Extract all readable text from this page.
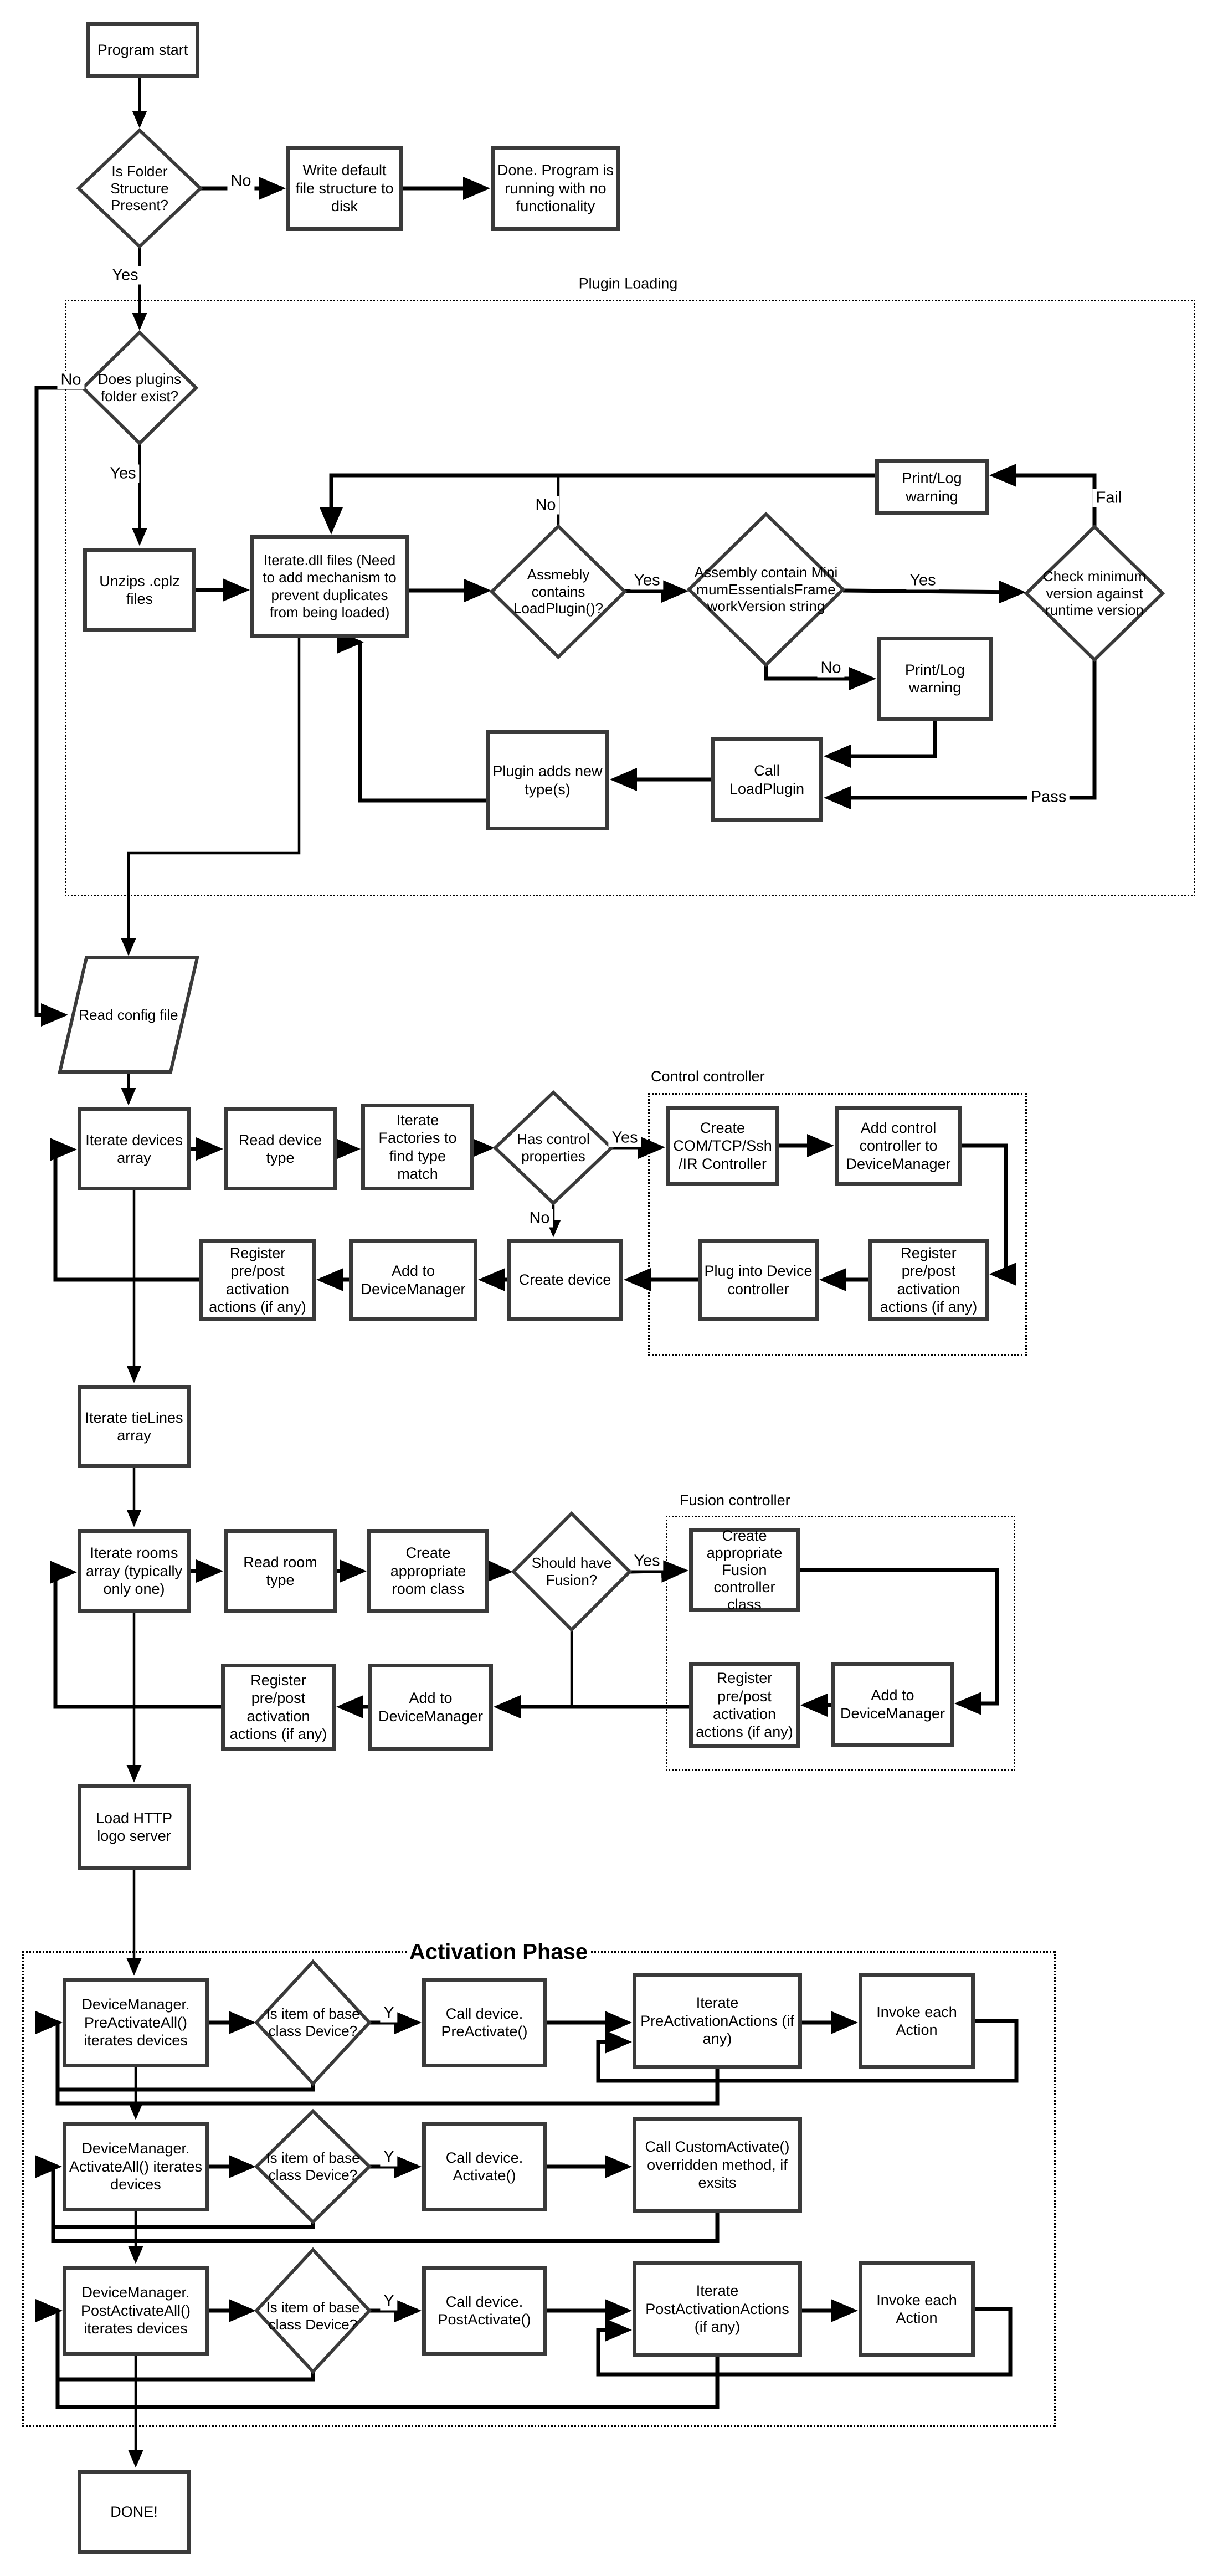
Plugin Loading
Control controller
Fusion controller
Activation Phase
Program start
Write default file structure to disk
Done. Program is running with no functionality
Unzips .cplz files
Iterate.dll files (Need to add mechanism to prevent duplicates from being loaded)
Print/Log warning
Print/Log warning
Call LoadPlugin
Plugin adds new type(s)
Iterate devices array
Read device type
Iterate Factories to find type match
Create COM/TCP/Ssh /IR Controller
Add control controller to DeviceManager
Register pre/post activation actions (if any)
Plug into Device controller
Create device
Add to DeviceManager
Register pre/post activation actions (if any)
Iterate tieLines array
Iterate rooms array (typically only one)
Read room type
Create appropriate room class
Create appropriate Fusion controller class
Add to DeviceManager
Register pre/post activation actions (if any)
Add to DeviceManager
Register pre/post activation actions (if any)
Load HTTP logo server
DeviceManager. PreActivateAll() iterates devices
Call device. PreActivate()
Iterate PreActivationActions (if any)
Invoke each Action
DeviceManager. ActivateAll() iterates devices
Call device. Activate()
Call CustomActivate() overridden method, if exsits
DeviceManager. PostActivateAll() iterates devices
Call device. PostActivate()
Iterate PostActivationActions (if any)
Invoke each Action
DONE!
Is Folder Structure Present?
Does plugins folder exist?
Assmebly contains LoadPlugin()?
Assembly contain MinimumEssentialsFrameworkVersion string
Check minimum version against runtime version
Has control properties
Should have Fusion?
Is item of base class Device?
Is item of base class Device?
Is item of base class Device?
Read config file
No
Yes
No
Yes
No
Yes	Yes
No
Fail
Pass
Yes
No
Yes
Y
Y
Y
